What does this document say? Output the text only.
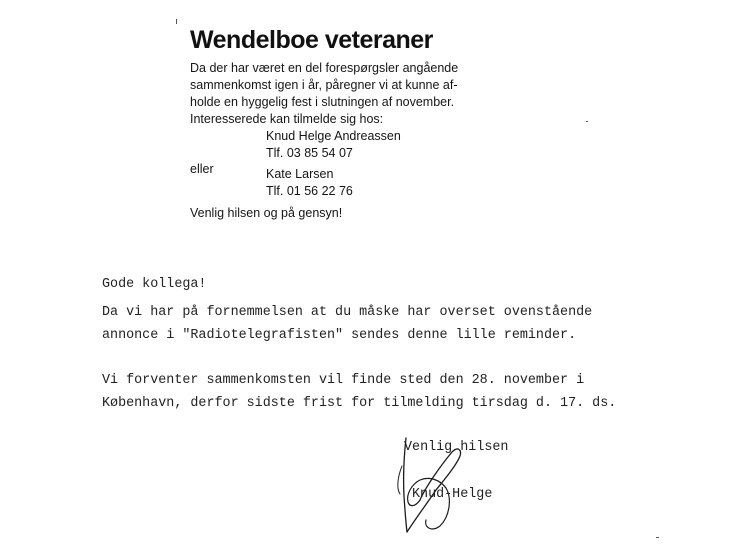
Wendelboe veteraner
Da der har været en del forespørgsler angående
sammenkomst igen i år, påregner vi at kunne af-
holde en hyggelig fest i slutningen af november.
Interesserede kan tilmelde sig hos:
Knud Helge Andreassen
Tlf. 03 85 54 07
eller	Kate Larsen
Tlf. 01 56 22 76
Venlig hilsen og på gensyn!
Gode kollega!
Da vi har på fornemmelsen at du måske har overset ovenstående
annonce i "Radiotelegrafisten" sendes denne lille reminder.
Vi forventer sammenkomsten vil finde sted den 28. november i
København, derfor sidste frist for tilmelding tirsdag d. 17. ds.
Venlig hilsen
Knud-Helge
